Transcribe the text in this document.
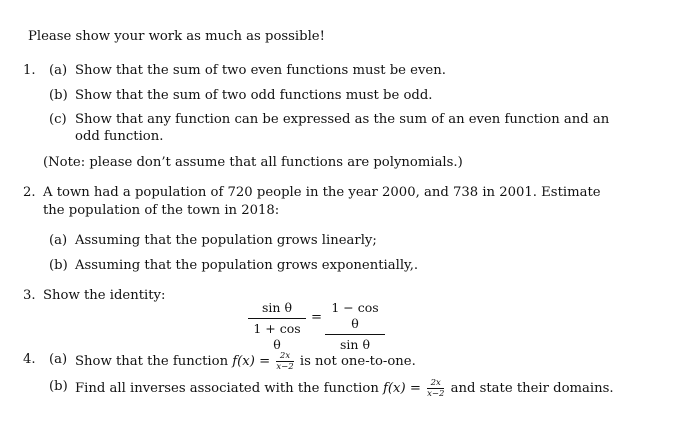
Please show your work as much as possible!
1. (a) Show that the sum of two even functions must be even.
(b) Show that the sum of two odd functions must be odd.
(c) Show that any function can be expressed as the sum of an even function and an
odd function.
(Note: please don’t assume that all functions are polynomials.)
2. A town had a population of 720 people in the year 2000, and 738 in 2001. Estimate
the population of the town in 2018:
(a) Assuming that the population grows linearly;
(b) Assuming that the population grows exponentially,.
3. Show the identity:
$\frac{\text{sin θ}}{\text{1 + cos θ}} = \frac{\text{1 − cos θ}}{\text{sin θ}}$
4. (a) Show that the function $f(x) = \frac{2x}{x-2}$ is not one-to-one.
(b) Find all inverses associated with the function $f(x) = \frac{2x}{x-2}$ and state their domains.
